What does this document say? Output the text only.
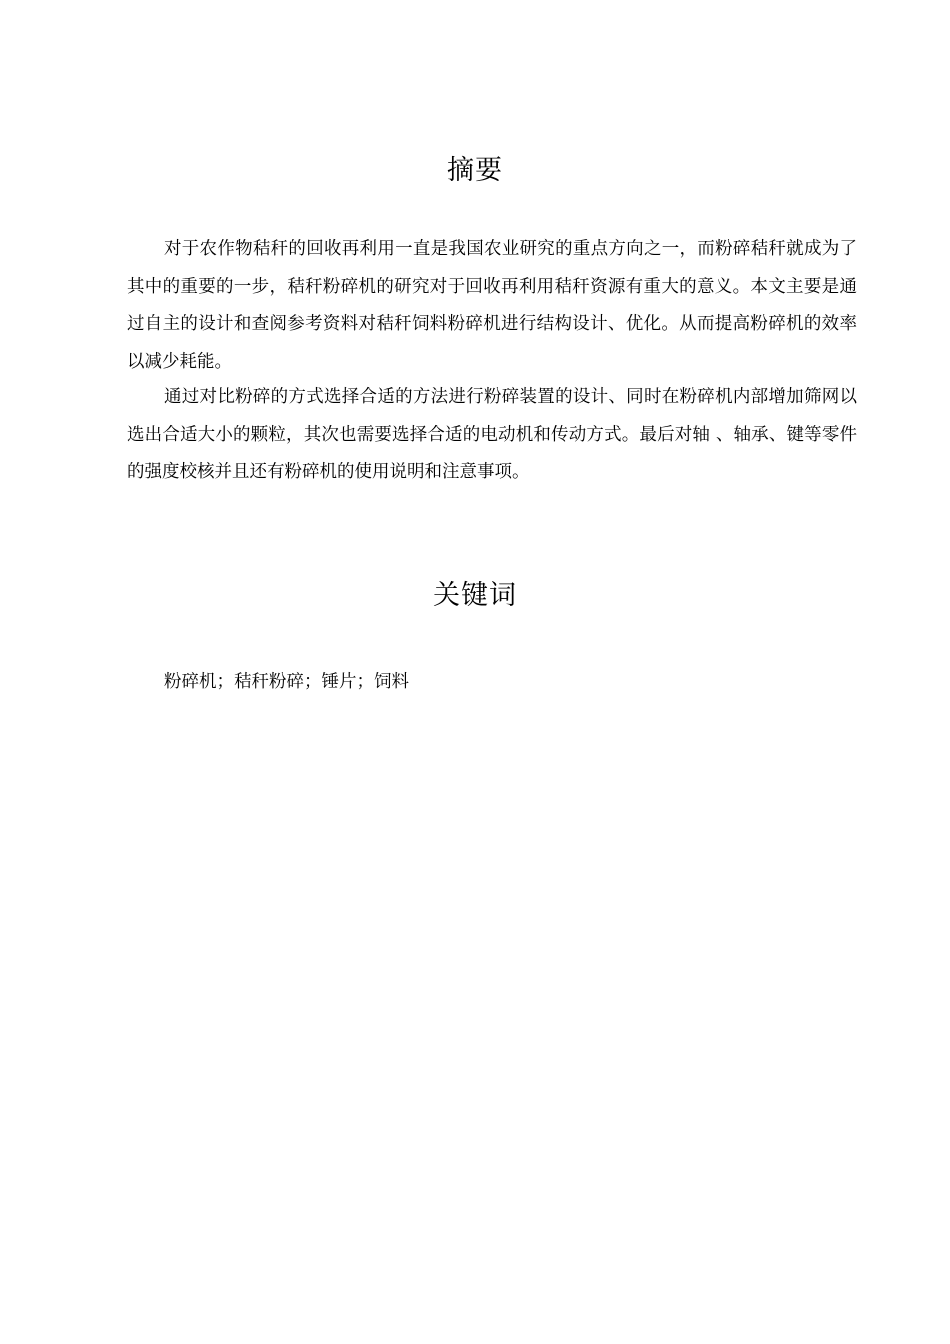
摘要

对于农作物秸秆的回收再利用一直是我国农业研究的重点方向之一，而粉碎秸秆就成为了其中的重要的一步，秸秆粉碎机的研究对于回收再利用秸秆资源有重大的意义。本文主要是通过自主的设计和查阅参考资料对秸秆饲料粉碎机进行结构设计、优化。从而提高粉碎机的效率以减少耗能。

通过对比粉碎的方式选择合适的方法进行粉碎装置的设计、同时在粉碎机内部增加筛网以选出合适大小的颗粒，其次也需要选择合适的电动机和传动方式。最后对轴 、轴承、键等零件的强度校核并且还有粉碎机的使用说明和注意事项。

关键词

粉碎机；秸秆粉碎；锤片；饲料
